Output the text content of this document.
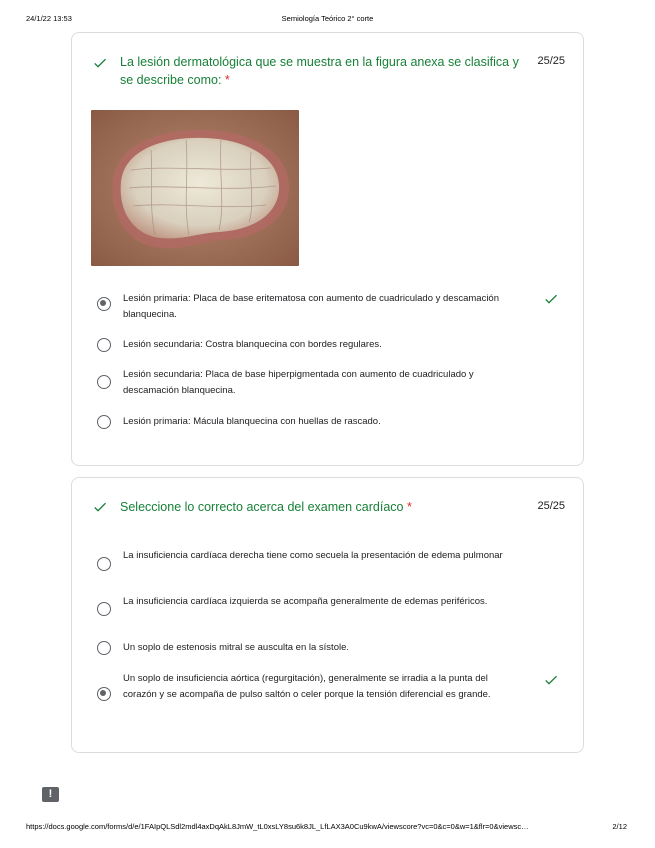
24/1/22 13:53	Semiología Teórico 2° corte
La lesión dermatológica que se muestra en la figura anexa se clasifica y se describe como: *
25/25
Lesión primaria: Placa de base eritematosa con aumento de cuadriculado y descamación blanquecina.
Lesión secundaria: Costra blanquecina con bordes regulares.
Lesión secundaria: Placa de base hiperpigmentada con aumento de cuadriculado y descamación blanquecina.
Lesión primaria: Mácula blanquecina con huellas de rascado.
Seleccione lo correcto acerca del examen cardíaco *	25/25
La insuficiencia cardíaca derecha tiene como secuela la presentación de edema pulmonar
La insuficiencia cardíaca izquierda se acompaña generalmente de edemas periféricos.
Un soplo de estenosis mitral se ausculta en la sístole.
Un soplo de insuficiencia aórtica (regurgitación), generalmente se irradia a la punta del corazón y se acompaña de pulso saltón o celer porque la tensión diferencial es grande.
!
https://docs.google.com/forms/d/e/1FAIpQLSdl2mdl4axDqAkL8JmW_tL0xsLY8su6k8JL_LfLAX3A0Cu9kwA/viewscore?vc=0&c=0&w=1&flr=0&viewsc…	2/12
